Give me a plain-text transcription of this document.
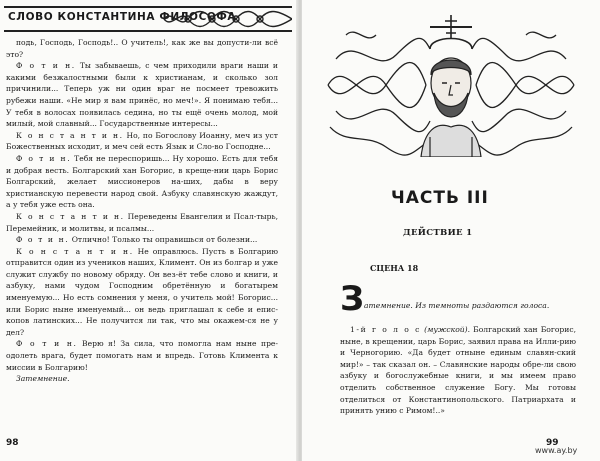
СЛОВО КОНСТАНТИНА ФИЛОСОФА

подь, Господь, Господь!.. О учитель!, как же вы допусти-ли всё это?

Ф о т и н. Ты забываешь, с чем приходили враги наши и какими безжалостными были к христианам, и сколько зол причинили... Теперь уж ни один враг не посмеет тревожить рубежи наши. «Не мир я вам принёс, но меч!». Я понимаю тебя... У тебя в волосах появилась седина, но ты ещё очень молод, мой милый, мой славный... Государственные интересы...

К о н с т а н т и н. Но, по Богослову Иоанну, меч из уст Божественных исходит, и меч сей есть Язык и Сло-во Господне...

Ф о т и н. Тебя не переспоришь... Ну хорошо. Есть для тебя и добрая весть. Болгарский хан Богорис, в креще-нии царь Борис Болгарский, желает миссионеров на-ших, дабы в веру христианскую перевести народ свой. Азбуку славянскую жаждут, а у тебя уже есть она.

К о н с т а н т и н. Переведены Евангелия и Псал-тырь, Перемейник, и молитвы, и псалмы...

Ф о т и н. Отлично! Только ты оправишься от болезни...

К о н с т а н т и н. Не оправлюсь. Пусть в Болгарию отправится один из учеников наших, Климент. Он из болгар и уже служит службу по новому обряду. Он вез-ёт тебе слово и книги, и азбуку, нами чудом Господним обретённую и богатырем именуемую... Но есть сомнения у меня, о учитель мой! Богорис... или Борис ныне именуемый... он ведь приглашал к себе и епис-копов латинских... Не получится ли так, что мы окажем-ся не у дел?

Ф о т и н. Верю я! За сила, что помогла нам ныне пре-одолеть врага, будет помогать нам и впредь. Готовь Климента к миссии в Болгарию!

Затемнение.

98
ЧАСТЬ III
ДЕЙСТВИЕ 1
СЦЕНА 18
З атемнение. Из темноты раздаются голоса.

1-й г о л о с (мужской). Болгарский хан Богорис, ныне, в крещении, царь Борис, заявил права на Илли-рию и Черногорию. «Да будет отныне единым славян-ский мир!» – так сказал он. – Славянские народы обре-ли свою азбуку и богослужебные книги, и мы имеем право отделить собственное служение Богу. Мы готовы отделиться от Константинопольского. Патриархата и принять унию с Римом!..»

99
www.ay.by
